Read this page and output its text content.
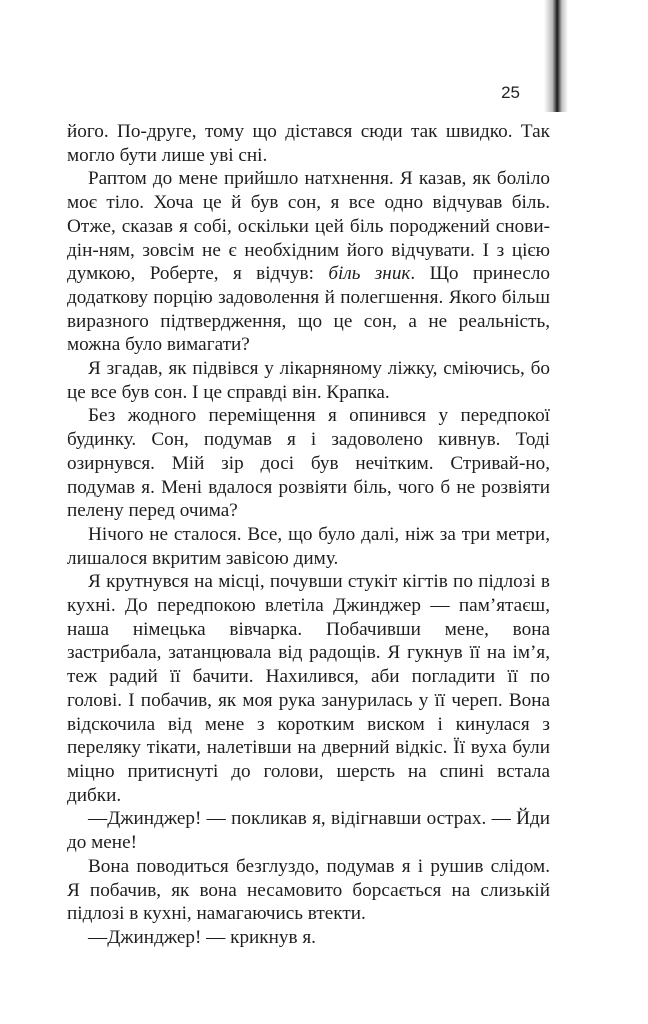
25

його. По-друге, тому що дістався сюди так швидко. Так могло бути лише уві сні.

Раптом до мене прийшло натхнення. Я казав, як боліло моє тіло. Хоча це й був сон, я все одно відчував біль. Отже, сказав я собі, оскільки цей біль породжений снови-дін-ням, зовсім не є необхідним його відчувати. І з цією думкою, Роберте, я відчув: біль зник. Що принесло додаткову порцію задоволення й полегшення. Якого більш виразного підтвердження, що це сон, а не реальність, можна було вимагати?

Я згадав, як підвівся у лікарняному ліжку, сміючись, бо це все був сон. І це справді він. Крапка.

Без жодного переміщення я опинився у передпокої будинку. Сон, подумав я і задоволено кивнув. Тоді озирнувся. Мій зір досі був нечітким. Стривай-но, подумав я. Мені вдалося розвіяти біль, чого б не розвіяти пелену перед очима?

Нічого не сталося. Все, що було далі, ніж за три метри, лишалося вкритим завісою диму.

Я крутнувся на місці, почувши стукіт кігтів по підлозі в кухні. До передпокою влетіла Джинджер — пам’ятаєш, наша німецька вівчарка. Побачивши мене, вона застрибала, затанцювала від радощів. Я гукнув її на ім’я, теж радий її бачити. Нахилився, аби погладити її по голові. І побачив, як моя рука занурилась у її череп. Вона відскочила від мене з коротким виском і кинулася з переляку тікати, налетівши на дверний відкіс. Її вуха були міцно притиснуті до голови, шерсть на спині встала дибки.

—Джинджер! — покликав я, відігнавши острах. — Йди до мене!

Вона поводиться безглуздо, подумав я і рушив слідом. Я побачив, як вона несамовито борсається на слизькій підлозі в кухні, намагаючись втекти.

—Джинджер! — крикнув я.
